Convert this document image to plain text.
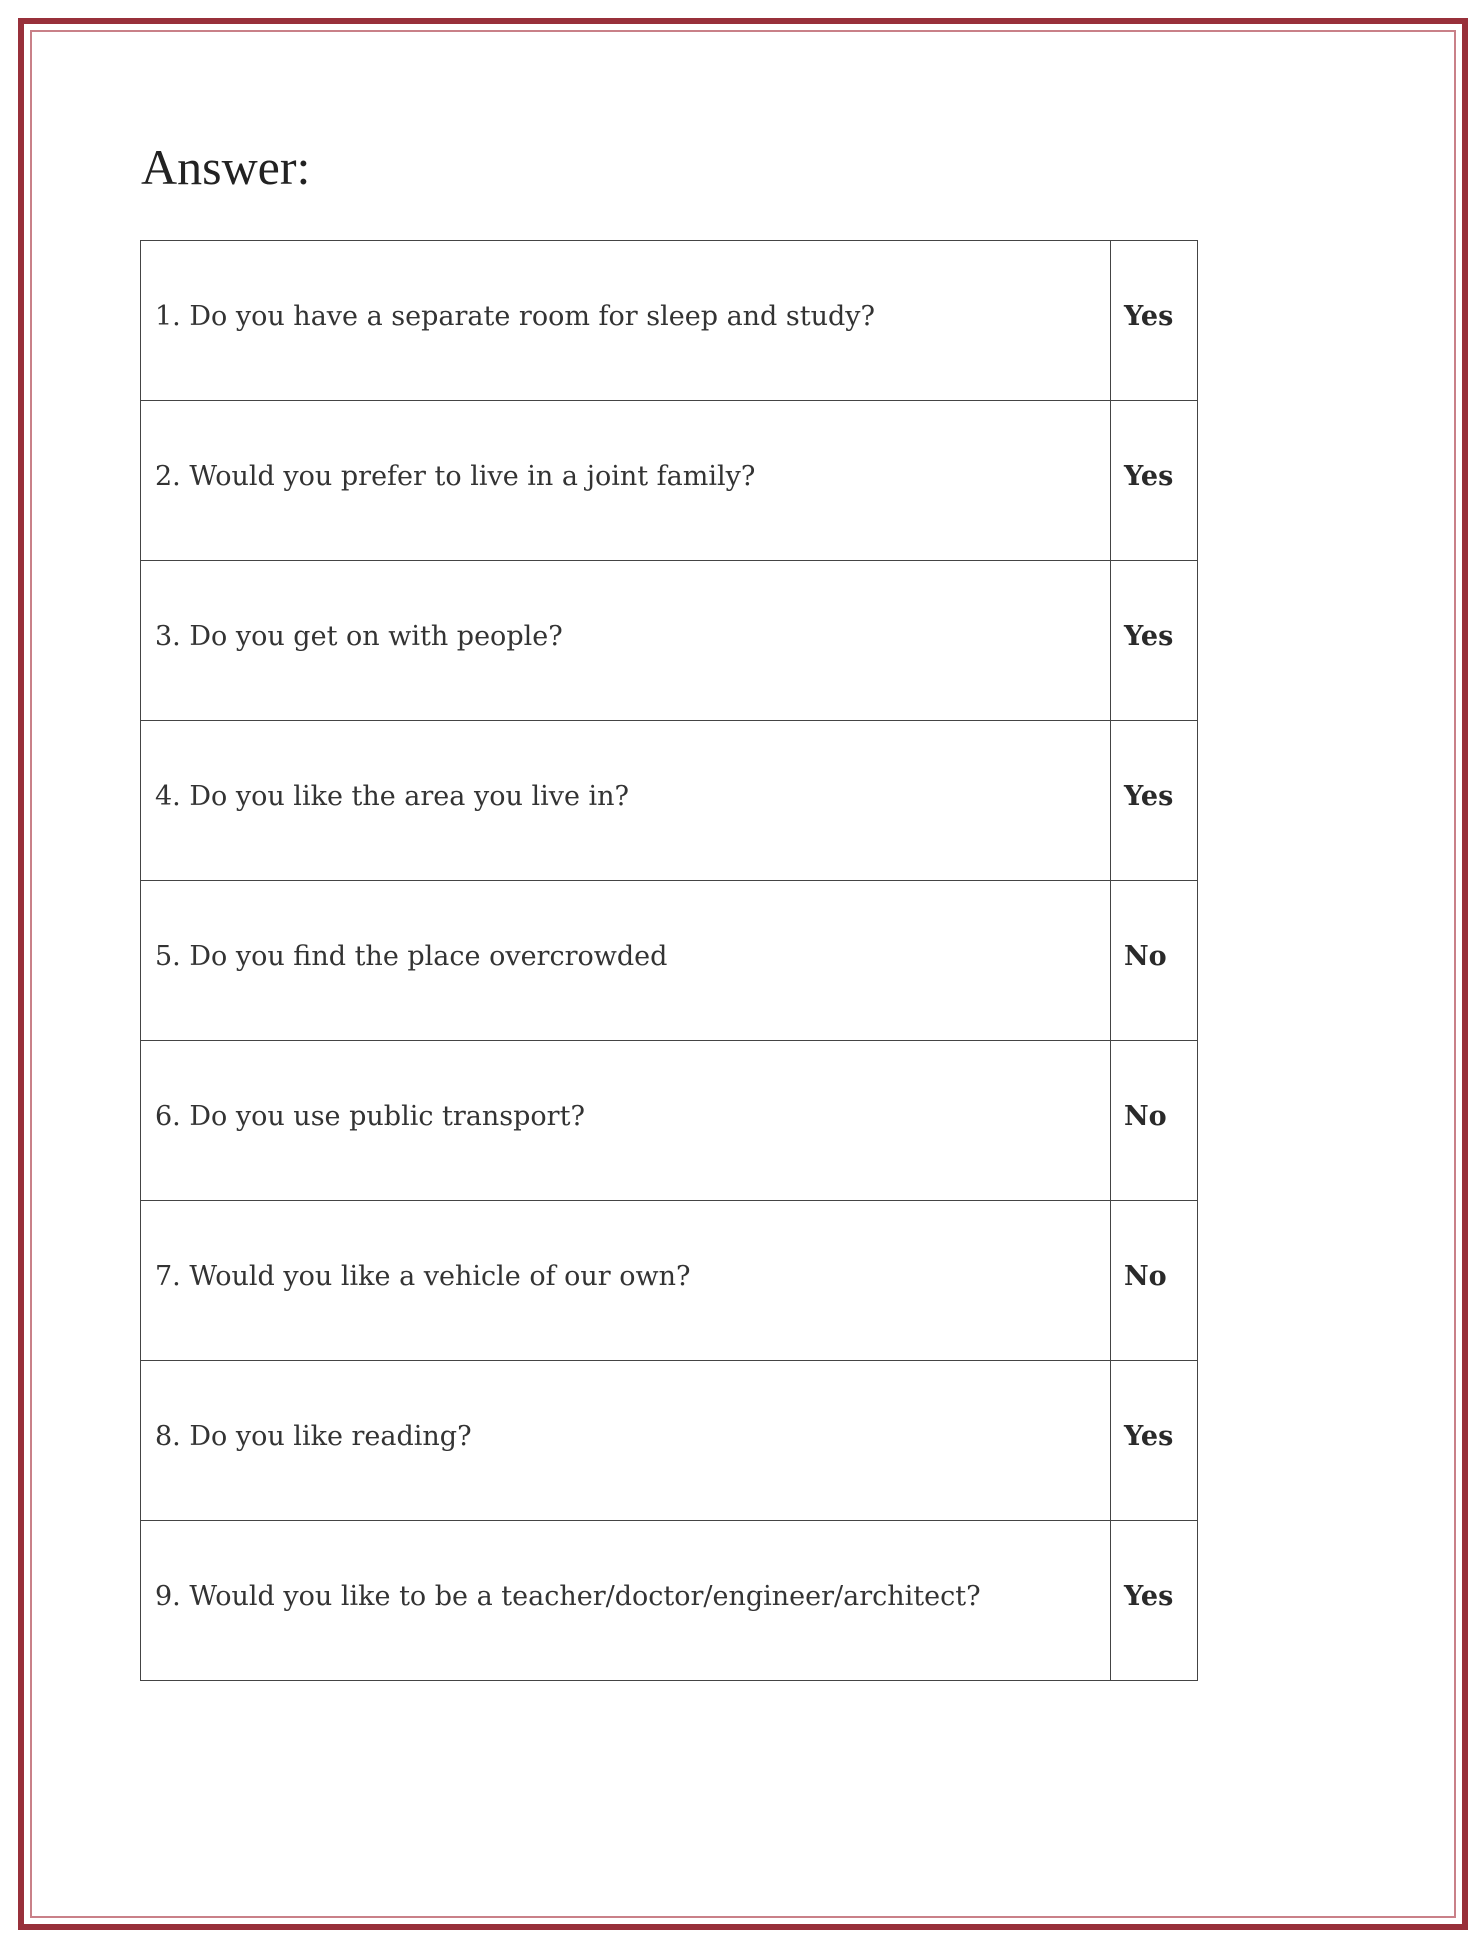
Answer:
1. Do you have a separate room for sleep and study?	Yes
2. Would you prefer to live in a joint family?	Yes
3. Do you get on with people?	Yes
4. Do you like the area you live in?	Yes
5. Do you find the place overcrowded	No
6. Do you use public transport?	No
7. Would you like a vehicle of our own?	No
8. Do you like reading?	Yes
9. Would you like to be a teacher/doctor/engineer/architect?	Yes
